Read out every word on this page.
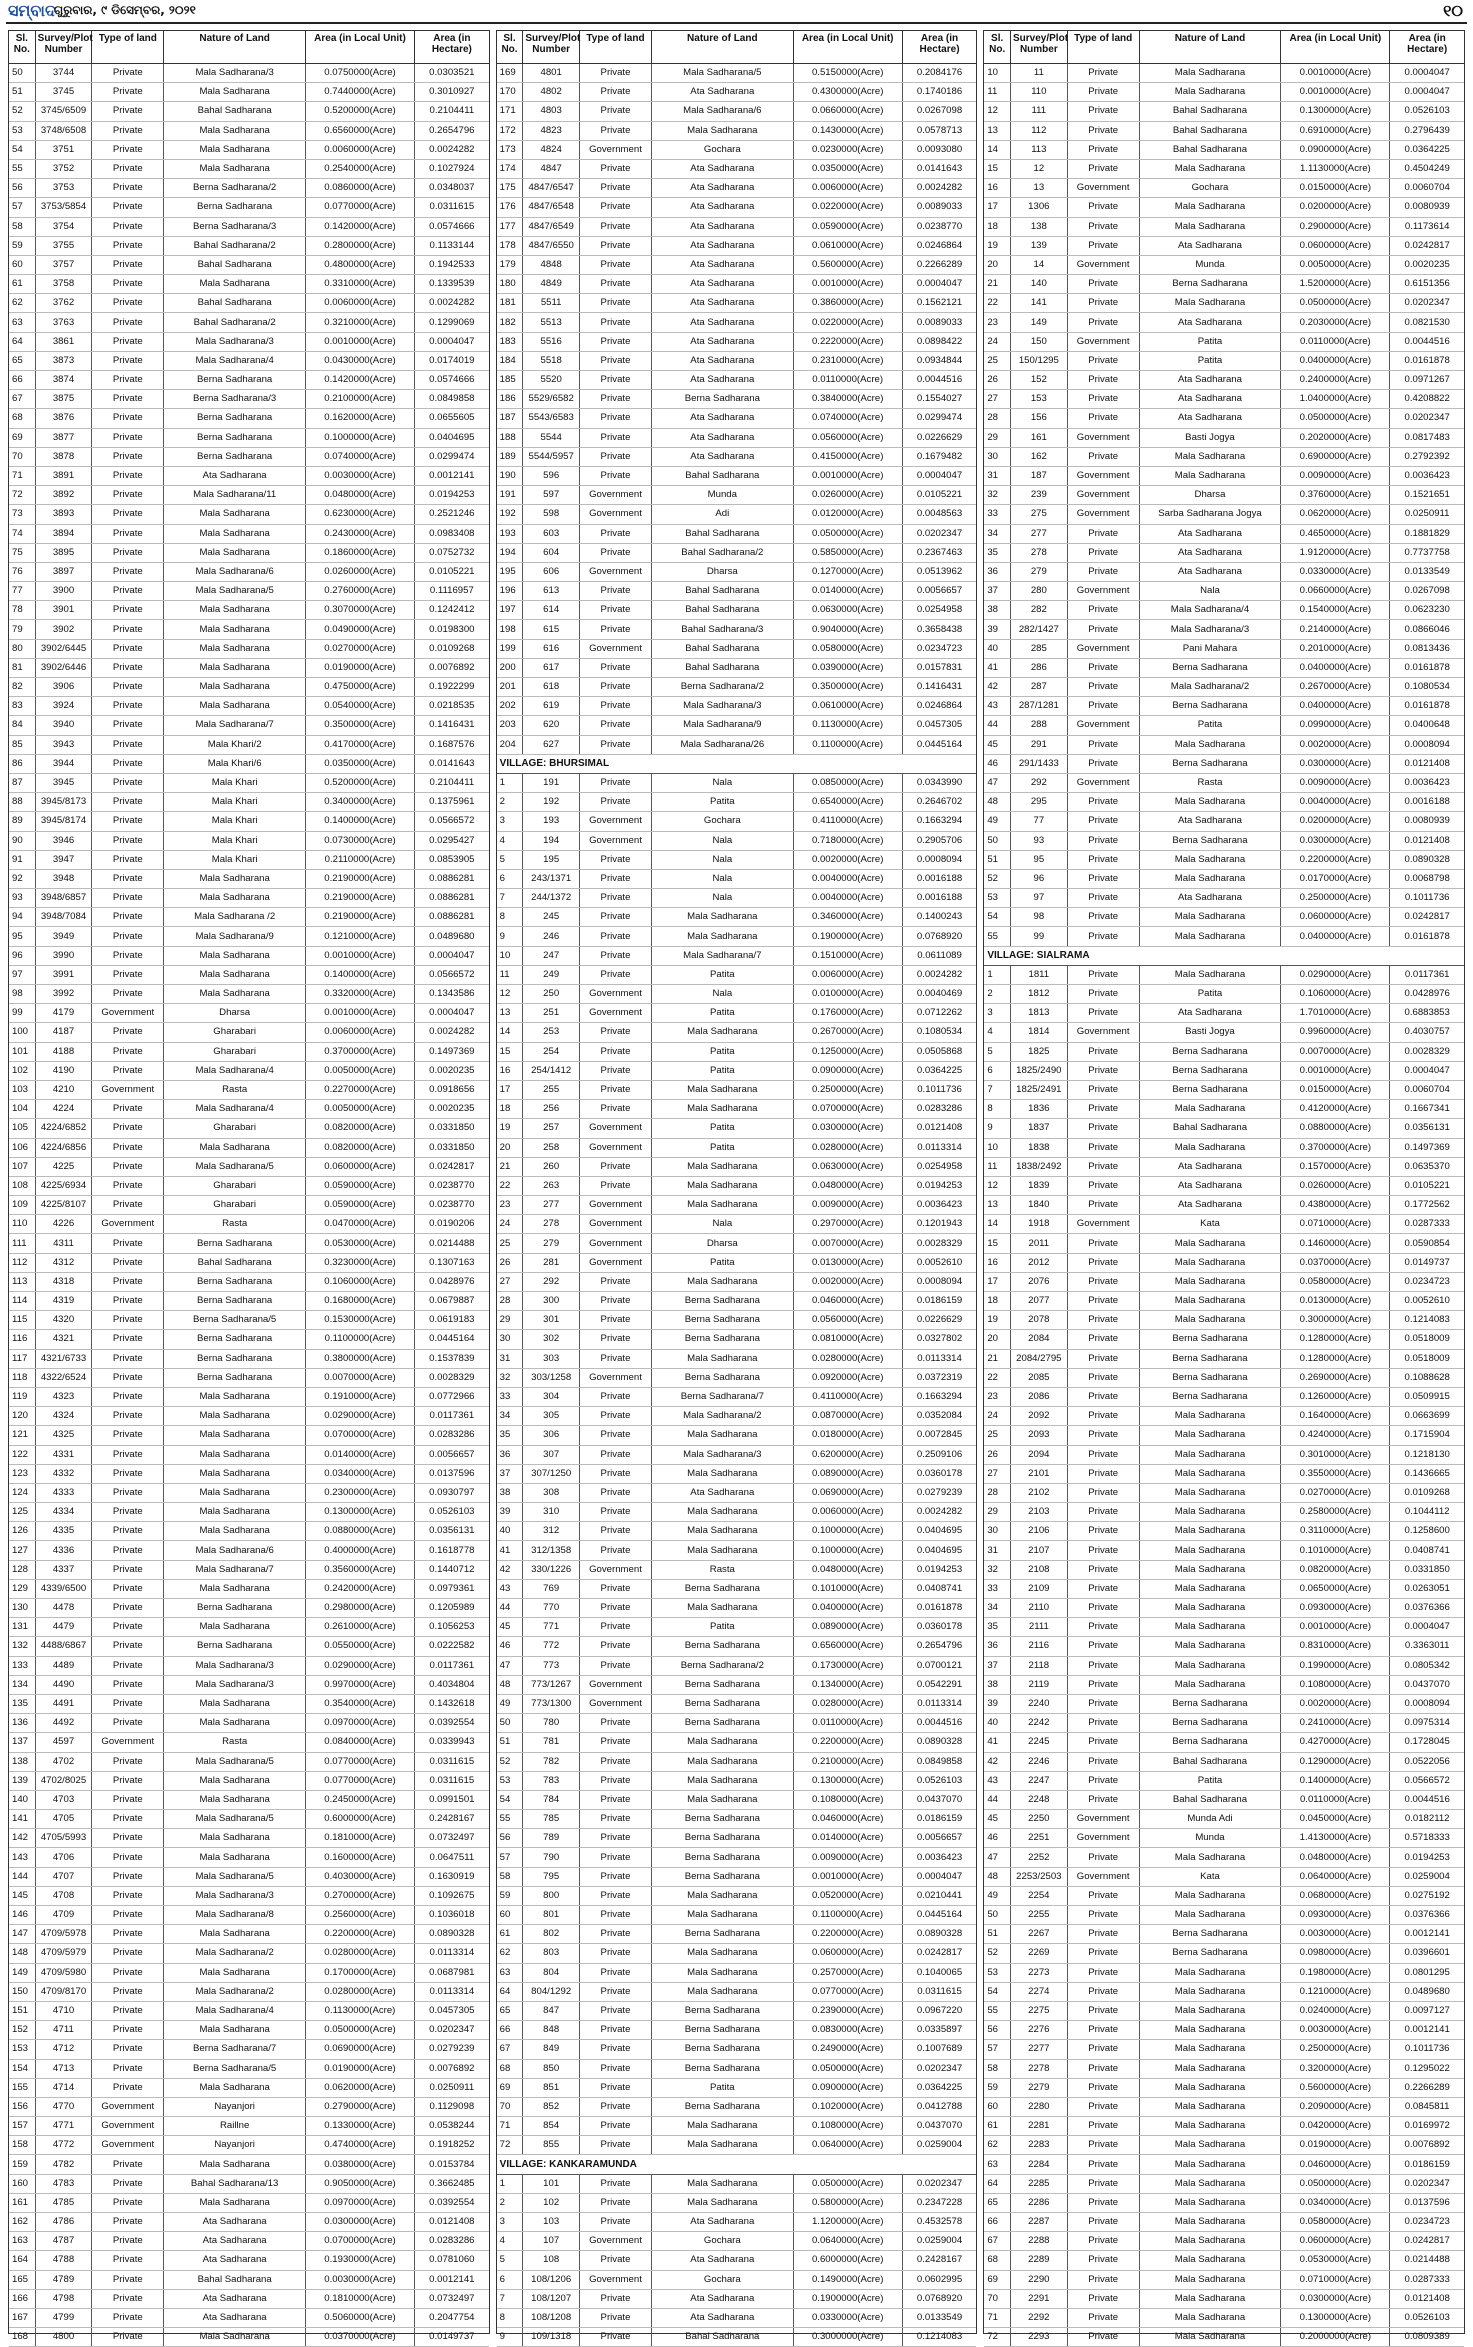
ସମ୍ବାଦ
ଗୁରୁବାର, ୯ ଡିସେମ୍ବର, ୨୦୨୧	୧୦
Sl. No.	Survey/Plot Number	Type of land	Nature of Land	Area (in Local Unit)	Area (in Hectare)
50	3744	Private	Mala Sadharana/3	0.0750000(Acre)	0.0303521
51	3745	Private	Mala Sadharana	0.7440000(Acre)	0.3010927
52	3745/6509	Private	Bahal Sadharana	0.5200000(Acre)	0.2104411
53	3748/6508	Private	Mala Sadharana	0.6560000(Acre)	0.2654796
54	3751	Private	Mala Sadharana	0.0060000(Acre)	0.0024282
55	3752	Private	Mala Sadharana	0.2540000(Acre)	0.1027924
56	3753	Private	Berna Sadharana/2	0.0860000(Acre)	0.0348037
57	3753/5854	Private	Berna Sadharana	0.0770000(Acre)	0.0311615
58	3754	Private	Berna Sadharana/3	0.1420000(Acre)	0.0574666
59	3755	Private	Bahal Sadharana/2	0.2800000(Acre)	0.1133144
60	3757	Private	Bahal Sadharana	0.4800000(Acre)	0.1942533
61	3758	Private	Mala Sadharana	0.3310000(Acre)	0.1339539
62	3762	Private	Bahal Sadharana	0.0060000(Acre)	0.0024282
63	3763	Private	Bahal Sadharana/2	0.3210000(Acre)	0.1299069
64	3861	Private	Mala Sadharana/3	0.0010000(Acre)	0.0004047
65	3873	Private	Mala Sadharana/4	0.0430000(Acre)	0.0174019
66	3874	Private	Berna Sadharana	0.1420000(Acre)	0.0574666
67	3875	Private	Berna Sadharana/3	0.2100000(Acre)	0.0849858
68	3876	Private	Berna Sadharana	0.1620000(Acre)	0.0655605
69	3877	Private	Berna Sadharana	0.1000000(Acre)	0.0404695
70	3878	Private	Berna Sadharana	0.0740000(Acre)	0.0299474
71	3891	Private	Ata Sadharana	0.0030000(Acre)	0.0012141
72	3892	Private	Mala Sadharana/11	0.0480000(Acre)	0.0194253
73	3893	Private	Mala Sadharana	0.6230000(Acre)	0.2521246
74	3894	Private	Mala Sadharana	0.2430000(Acre)	0.0983408
75	3895	Private	Mala Sadharana	0.1860000(Acre)	0.0752732
76	3897	Private	Mala Sadharana/6	0.0260000(Acre)	0.0105221
77	3900	Private	Mala Sadharana/5	0.2760000(Acre)	0.1116957
78	3901	Private	Mala Sadharana	0.3070000(Acre)	0.1242412
79	3902	Private	Mala Sadharana	0.0490000(Acre)	0.0198300
80	3902/6445	Private	Mala Sadharana	0.0270000(Acre)	0.0109268
81	3902/6446	Private	Mala Sadharana	0.0190000(Acre)	0.0076892
82	3906	Private	Mala Sadharana	0.4750000(Acre)	0.1922299
83	3924	Private	Mala Sadharana	0.0540000(Acre)	0.0218535
84	3940	Private	Mala Sadharana/7	0.3500000(Acre)	0.1416431
85	3943	Private	Mala Khari/2	0.4170000(Acre)	0.1687576
86	3944	Private	Mala Khari/6	0.0350000(Acre)	0.0141643
87	3945	Private	Mala Khari	0.5200000(Acre)	0.2104411
88	3945/8173	Private	Mala Khari	0.3400000(Acre)	0.1375961
89	3945/8174	Private	Mala Khari	0.1400000(Acre)	0.0566572
90	3946	Private	Mala Khari	0.0730000(Acre)	0.0295427
91	3947	Private	Mala Khari	0.2110000(Acre)	0.0853905
92	3948	Private	Mala Sadharana	0.2190000(Acre)	0.0886281
93	3948/6857	Private	Mala Sadharana	0.2190000(Acre)	0.0886281
94	3948/7084	Private	Mala Sadharana /2	0.2190000(Acre)	0.0886281
95	3949	Private	Mala Sadharana/9	0.1210000(Acre)	0.0489680
96	3990	Private	Mala Sadharana	0.0010000(Acre)	0.0004047
97	3991	Private	Mala Sadharana	0.1400000(Acre)	0.0566572
98	3992	Private	Mala Sadharana	0.3320000(Acre)	0.1343586
99	4179	Government	Dharsa	0.0010000(Acre)	0.0004047
100	4187	Private	Gharabari	0.0060000(Acre)	0.0024282
101	4188	Private	Gharabari	0.3700000(Acre)	0.1497369
102	4190	Private	Mala Sadharana/4	0.0050000(Acre)	0.0020235
103	4210	Government	Rasta	0.2270000(Acre)	0.0918656
104	4224	Private	Mala Sadharana/4	0.0050000(Acre)	0.0020235
105	4224/6852	Private	Gharabari	0.0820000(Acre)	0.0331850
106	4224/6856	Private	Mala Sadharana	0.0820000(Acre)	0.0331850
107	4225	Private	Mala Sadharana/5	0.0600000(Acre)	0.0242817
108	4225/6934	Private	Gharabari	0.0590000(Acre)	0.0238770
109	4225/8107	Private	Gharabari	0.0590000(Acre)	0.0238770
110	4226	Government	Rasta	0.0470000(Acre)	0.0190206
111	4311	Private	Berna Sadharana	0.0530000(Acre)	0.0214488
112	4312	Private	Bahal Sadharana	0.3230000(Acre)	0.1307163
113	4318	Private	Berna Sadharana	0.1060000(Acre)	0.0428976
114	4319	Private	Berna Sadharana	0.1680000(Acre)	0.0679887
115	4320	Private	Berna Sadharana/5	0.1530000(Acre)	0.0619183
116	4321	Private	Berna Sadharana	0.1100000(Acre)	0.0445164
117	4321/6733	Private	Berna Sadharana	0.3800000(Acre)	0.1537839
118	4322/6524	Private	Berna Sadharana	0.0070000(Acre)	0.0028329
119	4323	Private	Mala Sadharana	0.1910000(Acre)	0.0772966
120	4324	Private	Mala Sadharana	0.0290000(Acre)	0.0117361
121	4325	Private	Mala Sadharana	0.0700000(Acre)	0.0283286
122	4331	Private	Mala Sadharana	0.0140000(Acre)	0.0056657
123	4332	Private	Mala Sadharana	0.0340000(Acre)	0.0137596
124	4333	Private	Mala Sadharana	0.2300000(Acre)	0.0930797
125	4334	Private	Mala Sadharana	0.1300000(Acre)	0.0526103
126	4335	Private	Mala Sadharana	0.0880000(Acre)	0.0356131
127	4336	Private	Mala Sadharana/6	0.4000000(Acre)	0.1618778
128	4337	Private	Mala Sadharana/7	0.3560000(Acre)	0.1440712
129	4339/6500	Private	Mala Sadharana	0.2420000(Acre)	0.0979361
130	4478	Private	Berna Sadharana	0.2980000(Acre)	0.1205989
131	4479	Private	Mala Sadharana	0.2610000(Acre)	0.1056253
132	4488/6867	Private	Berna Sadharana	0.0550000(Acre)	0.0222582
133	4489	Private	Mala Sadharana/3	0.0290000(Acre)	0.0117361
134	4490	Private	Mala Sadharana/3	0.9970000(Acre)	0.4034804
135	4491	Private	Mala Sadharana	0.3540000(Acre)	0.1432618
136	4492	Private	Mala Sadharana	0.0970000(Acre)	0.0392554
137	4597	Government	Rasta	0.0840000(Acre)	0.0339943
138	4702	Private	Mala Sadharana/5	0.0770000(Acre)	0.0311615
139	4702/8025	Private	Mala Sadharana	0.0770000(Acre)	0.0311615
140	4703	Private	Mala Sadharana	0.2450000(Acre)	0.0991501
141	4705	Private	Mala Sadharana/5	0.6000000(Acre)	0.2428167
142	4705/5993	Private	Mala Sadharana	0.1810000(Acre)	0.0732497
143	4706	Private	Mala Sadharana	0.1600000(Acre)	0.0647511
144	4707	Private	Mala Sadharana/5	0.4030000(Acre)	0.1630919
145	4708	Private	Mala Sadharana/3	0.2700000(Acre)	0.1092675
146	4709	Private	Mala Sadharana/8	0.2560000(Acre)	0.1036018
147	4709/5978	Private	Mala Sadharana	0.2200000(Acre)	0.0890328
148	4709/5979	Private	Mala Sadharana/2	0.0280000(Acre)	0.0113314
149	4709/5980	Private	Mala Sadharana	0.1700000(Acre)	0.0687981
150	4709/8170	Private	Mala Sadharana/2	0.0280000(Acre)	0.0113314
151	4710	Private	Mala Sadharana/4	0.1130000(Acre)	0.0457305
152	4711	Private	Mala Sadharana	0.0500000(Acre)	0.0202347
153	4712	Private	Berna Sadharana/7	0.0690000(Acre)	0.0279239
154	4713	Private	Berna Sadharana/5	0.0190000(Acre)	0.0076892
155	4714	Private	Mala Sadharana	0.0620000(Acre)	0.0250911
156	4770	Government	Nayanjori	0.2790000(Acre)	0.1129098
157	4771	Government	Raillne	0.1330000(Acre)	0.0538244
158	4772	Government	Nayanjori	0.4740000(Acre)	0.1918252
159	4782	Private	Mala Sadharana	0.0380000(Acre)	0.0153784
160	4783	Private	Bahal Sadharana/13	0.9050000(Acre)	0.3662485
161	4785	Private	Mala Sadharana	0.0970000(Acre)	0.0392554
162	4786	Private	Ata Sadharana	0.0300000(Acre)	0.0121408
163	4787	Private	Ata Sadharana	0.0700000(Acre)	0.0283286
164	4788	Private	Ata Sadharana	0.1930000(Acre)	0.0781060
165	4789	Private	Bahal Sadharana	0.0030000(Acre)	0.0012141
166	4798	Private	Ata Sadharana	0.1810000(Acre)	0.0732497
167	4799	Private	Ata Sadharana	0.5060000(Acre)	0.2047754
168	4800	Private	Mala Sadharana	0.0370000(Acre)	0.0149737
Sl. No.	Survey/Plot Number	Type of land	Nature of Land	Area (in Local Unit)	Area (in Hectare)
169	4801	Private	Mala Sadharana/5	0.5150000(Acre)	0.2084176
170	4802	Private	Ata Sadharana	0.4300000(Acre)	0.1740186
171	4803	Private	Mala Sadharana/6	0.0660000(Acre)	0.0267098
172	4823	Private	Mala Sadharana	0.1430000(Acre)	0.0578713
173	4824	Government	Gochara	0.0230000(Acre)	0.0093080
174	4847	Private	Ata Sadharana	0.0350000(Acre)	0.0141643
175	4847/6547	Private	Ata Sadharana	0.0060000(Acre)	0.0024282
176	4847/6548	Private	Ata Sadharana	0.0220000(Acre)	0.0089033
177	4847/6549	Private	Ata Sadharana	0.0590000(Acre)	0.0238770
178	4847/6550	Private	Ata Sadharana	0.0610000(Acre)	0.0246864
179	4848	Private	Ata Sadharana	0.5600000(Acre)	0.2266289
180	4849	Private	Ata Sadharana	0.0010000(Acre)	0.0004047
181	5511	Private	Ata Sadharana	0.3860000(Acre)	0.1562121
182	5513	Private	Ata Sadharana	0.0220000(Acre)	0.0089033
183	5516	Private	Ata Sadharana	0.2220000(Acre)	0.0898422
184	5518	Private	Ata Sadharana	0.2310000(Acre)	0.0934844
185	5520	Private	Ata Sadharana	0.0110000(Acre)	0.0044516
186	5529/6582	Private	Berna Sadharana	0.3840000(Acre)	0.1554027
187	5543/6583	Private	Ata Sadharana	0.0740000(Acre)	0.0299474
188	5544	Private	Ata Sadharana	0.0560000(Acre)	0.0226629
189	5544/5957	Private	Ata Sadharana	0.4150000(Acre)	0.1679482
190	596	Private	Bahal Sadharana	0.0010000(Acre)	0.0004047
191	597	Government	Munda	0.0260000(Acre)	0.0105221
192	598	Government	Adi	0.0120000(Acre)	0.0048563
193	603	Private	Bahal Sadharana	0.0500000(Acre)	0.0202347
194	604	Private	Bahal Sadharana/2	0.5850000(Acre)	0.2367463
195	606	Government	Dharsa	0.1270000(Acre)	0.0513962
196	613	Private	Bahal Sadharana	0.0140000(Acre)	0.0056657
197	614	Private	Bahal Sadharana	0.0630000(Acre)	0.0254958
198	615	Private	Bahal Sadharana/3	0.9040000(Acre)	0.3658438
199	616	Government	Bahal Sadharana	0.0580000(Acre)	0.0234723
200	617	Private	Bahal Sadharana	0.0390000(Acre)	0.0157831
201	618	Private	Berna Sadharana/2	0.3500000(Acre)	0.1416431
202	619	Private	Mala Sadharana/3	0.0610000(Acre)	0.0246864
203	620	Private	Mala Sadharana/9	0.1130000(Acre)	0.0457305
204	627	Private	Mala Sadharana/26	0.1100000(Acre)	0.0445164
VILLAGE: BHURSIMAL					
1	191	Private	Nala	0.0850000(Acre)	0.0343990
2	192	Private	Patita	0.6540000(Acre)	0.2646702
3	193	Government	Gochara	0.4110000(Acre)	0.1663294
4	194	Government	Nala	0.7180000(Acre)	0.2905706
5	195	Private	Nala	0.0020000(Acre)	0.0008094
6	243/1371	Private	Nala	0.0040000(Acre)	0.0016188
7	244/1372	Private	Nala	0.0040000(Acre)	0.0016188
8	245	Private	Mala Sadharana	0.3460000(Acre)	0.1400243
9	246	Private	Mala Sadharana	0.1900000(Acre)	0.0768920
10	247	Private	Mala Sadharana/7	0.1510000(Acre)	0.0611089
11	249	Private	Patita	0.0060000(Acre)	0.0024282
12	250	Government	Nala	0.0100000(Acre)	0.0040469
13	251	Government	Patita	0.1760000(Acre)	0.0712262
14	253	Private	Mala Sadharana	0.2670000(Acre)	0.1080534
15	254	Private	Patita	0.1250000(Acre)	0.0505868
16	254/1412	Private	Patita	0.0900000(Acre)	0.0364225
17	255	Private	Mala Sadharana	0.2500000(Acre)	0.1011736
18	256	Private	Mala Sadharana	0.0700000(Acre)	0.0283286
19	257	Government	Patita	0.0300000(Acre)	0.0121408
20	258	Government	Patita	0.0280000(Acre)	0.0113314
21	260	Private	Mala Sadharana	0.0630000(Acre)	0.0254958
22	263	Private	Mala Sadharana	0.0480000(Acre)	0.0194253
23	277	Government	Mala Sadharana	0.0090000(Acre)	0.0036423
24	278	Government	Nala	0.2970000(Acre)	0.1201943
25	279	Government	Dharsa	0.0070000(Acre)	0.0028329
26	281	Government	Patita	0.0130000(Acre)	0.0052610
27	292	Private	Mala Sadharana	0.0020000(Acre)	0.0008094
28	300	Private	Berna Sadharana	0.0460000(Acre)	0.0186159
29	301	Private	Berna Sadharana	0.0560000(Acre)	0.0226629
30	302	Private	Berna Sadharana	0.0810000(Acre)	0.0327802
31	303	Private	Mala Sadharana	0.0280000(Acre)	0.0113314
32	303/1258	Government	Berna Sadharana	0.0920000(Acre)	0.0372319
33	304	Private	Berna Sadharana/7	0.4110000(Acre)	0.1663294
34	305	Private	Mala Sadharana/2	0.0870000(Acre)	0.0352084
35	306	Private	Mala Sadharana	0.0180000(Acre)	0.0072845
36	307	Private	Mala Sadharana/3	0.6200000(Acre)	0.2509106
37	307/1250	Private	Mala Sadharana	0.0890000(Acre)	0.0360178
38	308	Private	Ata Sadharana	0.0690000(Acre)	0.0279239
39	310	Private	Mala Sadharana	0.0060000(Acre)	0.0024282
40	312	Private	Mala Sadharana	0.1000000(Acre)	0.0404695
41	312/1358	Private	Mala Sadharana	0.1000000(Acre)	0.0404695
42	330/1226	Government	Rasta	0.0480000(Acre)	0.0194253
43	769	Private	Berna Sadharana	0.1010000(Acre)	0.0408741
44	770	Private	Mala Sadharana	0.0400000(Acre)	0.0161878
45	771	Private	Patita	0.0890000(Acre)	0.0360178
46	772	Private	Berna Sadharana	0.6560000(Acre)	0.2654796
47	773	Private	Berna Sadharana/2	0.1730000(Acre)	0.0700121
48	773/1267	Government	Berna Sadharana	0.1340000(Acre)	0.0542291
49	773/1300	Government	Berna Sadharana	0.0280000(Acre)	0.0113314
50	780	Private	Berna Sadharana	0.0110000(Acre)	0.0044516
51	781	Private	Mala Sadharana	0.2200000(Acre)	0.0890328
52	782	Private	Mala Sadharana	0.2100000(Acre)	0.0849858
53	783	Private	Mala Sadharana	0.1300000(Acre)	0.0526103
54	784	Private	Mala Sadharana	0.1080000(Acre)	0.0437070
55	785	Private	Berna Sadharana	0.0460000(Acre)	0.0186159
56	789	Private	Berna Sadharana	0.0140000(Acre)	0.0056657
57	790	Private	Berna Sadharana	0.0090000(Acre)	0.0036423
58	795	Private	Berna Sadharana	0.0010000(Acre)	0.0004047
59	800	Private	Mala Sadharana	0.0520000(Acre)	0.0210441
60	801	Private	Mala Sadharana	0.1100000(Acre)	0.0445164
61	802	Private	Berna Sadharana	0.2200000(Acre)	0.0890328
62	803	Private	Mala Sadharana	0.0600000(Acre)	0.0242817
63	804	Private	Mala Sadharana	0.2570000(Acre)	0.1040065
64	804/1292	Private	Mala Sadharana	0.0770000(Acre)	0.0311615
65	847	Private	Berna Sadharana	0.2390000(Acre)	0.0967220
66	848	Private	Berna Sadharana	0.0830000(Acre)	0.0335897
67	849	Private	Berna Sadharana	0.2490000(Acre)	0.1007689
68	850	Private	Berna Sadharana	0.0500000(Acre)	0.0202347
69	851	Private	Patita	0.0900000(Acre)	0.0364225
70	852	Private	Berna Sadharana	0.1020000(Acre)	0.0412788
71	854	Private	Mala Sadharana	0.1080000(Acre)	0.0437070
72	855	Private	Mala Sadharana	0.0640000(Acre)	0.0259004
VILLAGE: KANKARAMUNDA					
1	101	Private	Mala Sadharana	0.0500000(Acre)	0.0202347
2	102	Private	Mala Sadharana	0.5800000(Acre)	0.2347228
3	103	Private	Ata Sadharana	1.1200000(Acre)	0.4532578
4	107	Government	Gochara	0.0640000(Acre)	0.0259004
5	108	Private	Ata Sadharana	0.6000000(Acre)	0.2428167
6	108/1206	Government	Gochara	0.1490000(Acre)	0.0602995
7	108/1207	Private	Ata Sadharana	0.1900000(Acre)	0.0768920
8	108/1208	Private	Ata Sadharana	0.0330000(Acre)	0.0133549
9	109/1318	Private	Bahal Sadharana	0.3000000(Acre)	0.1214083
Sl. No.	Survey/Plot Number	Type of land	Nature of Land	Area (in Local Unit)	Area (in Hectare)
10	11	Private	Mala Sadharana	0.0010000(Acre)	0.0004047
11	110	Private	Mala Sadharana	0.0010000(Acre)	0.0004047
12	111	Private	Bahal Sadharana	0.1300000(Acre)	0.0526103
13	112	Private	Bahal Sadharana	0.6910000(Acre)	0.2796439
14	113	Private	Bahal Sadharana	0.0900000(Acre)	0.0364225
15	12	Private	Mala Sadharana	1.1130000(Acre)	0.4504249
16	13	Government	Gochara	0.0150000(Acre)	0.0060704
17	1306	Private	Mala Sadharana	0.0200000(Acre)	0.0080939
18	138	Private	Mala Sadharana	0.2900000(Acre)	0.1173614
19	139	Private	Ata Sadharana	0.0600000(Acre)	0.0242817
20	14	Government	Munda	0.0050000(Acre)	0.0020235
21	140	Private	Berna Sadharana	1.5200000(Acre)	0.6151356
22	141	Private	Mala Sadharana	0.0500000(Acre)	0.0202347
23	149	Private	Ata Sadharana	0.2030000(Acre)	0.0821530
24	150	Government	Patita	0.0110000(Acre)	0.0044516
25	150/1295	Private	Patita	0.0400000(Acre)	0.0161878
26	152	Private	Ata Sadharana	0.2400000(Acre)	0.0971267
27	153	Private	Ata Sadharana	1.0400000(Acre)	0.4208822
28	156	Private	Ata Sadharana	0.0500000(Acre)	0.0202347
29	161	Government	Basti Jogya	0.2020000(Acre)	0.0817483
30	162	Private	Mala Sadharana	0.6900000(Acre)	0.2792392
31	187	Government	Mala Sadharana	0.0090000(Acre)	0.0036423
32	239	Government	Dharsa	0.3760000(Acre)	0.1521651
33	275	Government	Sarba Sadharana Jogya	0.0620000(Acre)	0.0250911
34	277	Private	Ata Sadharana	0.4650000(Acre)	0.1881829
35	278	Private	Ata Sadharana	1.9120000(Acre)	0.7737758
36	279	Private	Ata Sadharana	0.0330000(Acre)	0.0133549
37	280	Government	Nala	0.0660000(Acre)	0.0267098
38	282	Private	Mala Sadharana/4	0.1540000(Acre)	0.0623230
39	282/1427	Private	Mala Sadharana/3	0.2140000(Acre)	0.0866046
40	285	Government	Pani Mahara	0.2010000(Acre)	0.0813436
41	286	Private	Berna Sadharana	0.0400000(Acre)	0.0161878
42	287	Private	Mala Sadharana/2	0.2670000(Acre)	0.1080534
43	287/1281	Private	Berna Sadharana	0.0400000(Acre)	0.0161878
44	288	Government	Patita	0.0990000(Acre)	0.0400648
45	291	Private	Mala Sadharana	0.0020000(Acre)	0.0008094
46	291/1433	Private	Berna Sadharana	0.0300000(Acre)	0.0121408
47	292	Government	Rasta	0.0090000(Acre)	0.0036423
48	295	Private	Mala Sadharana	0.0040000(Acre)	0.0016188
49	77	Private	Ata Sadharana	0.0200000(Acre)	0.0080939
50	93	Private	Berna Sadharana	0.0300000(Acre)	0.0121408
51	95	Private	Mala Sadharana	0.2200000(Acre)	0.0890328
52	96	Private	Mala Sadharana	0.0170000(Acre)	0.0068798
53	97	Private	Ata Sadharana	0.2500000(Acre)	0.1011736
54	98	Private	Mala Sadharana	0.0600000(Acre)	0.0242817
55	99	Private	Mala Sadharana	0.0400000(Acre)	0.0161878
VILLAGE: SIALRAMA					
1	1811	Private	Mala Sadharana	0.0290000(Acre)	0.0117361
2	1812	Private	Patita	0.1060000(Acre)	0.0428976
3	1813	Private	Ata Sadharana	1.7010000(Acre)	0.6883853
4	1814	Government	Basti Jogya	0.9960000(Acre)	0.4030757
5	1825	Private	Berna Sadharana	0.0070000(Acre)	0.0028329
6	1825/2490	Private	Berna Sadharana	0.0010000(Acre)	0.0004047
7	1825/2491	Private	Berna Sadharana	0.0150000(Acre)	0.0060704
8	1836	Private	Mala Sadharana	0.4120000(Acre)	0.1667341
9	1837	Private	Bahal Sadharana	0.0880000(Acre)	0.0356131
10	1838	Private	Mala Sadharana	0.3700000(Acre)	0.1497369
11	1838/2492	Private	Ata Sadharana	0.1570000(Acre)	0.0635370
12	1839	Private	Ata Sadharana	0.0260000(Acre)	0.0105221
13	1840	Private	Ata Sadharana	0.4380000(Acre)	0.1772562
14	1918	Government	Kata	0.0710000(Acre)	0.0287333
15	2011	Private	Mala Sadharana	0.1460000(Acre)	0.0590854
16	2012	Private	Mala Sadharana	0.0370000(Acre)	0.0149737
17	2076	Private	Mala Sadharana	0.0580000(Acre)	0.0234723
18	2077	Private	Mala Sadharana	0.0130000(Acre)	0.0052610
19	2078	Private	Mala Sadharana	0.3000000(Acre)	0.1214083
20	2084	Private	Berna Sadharana	0.1280000(Acre)	0.0518009
21	2084/2795	Private	Berna Sadharana	0.1280000(Acre)	0.0518009
22	2085	Private	Berna Sadharana	0.2690000(Acre)	0.1088628
23	2086	Private	Berna Sadharana	0.1260000(Acre)	0.0509915
24	2092	Private	Mala Sadharana	0.1640000(Acre)	0.0663699
25	2093	Private	Mala Sadharana	0.4240000(Acre)	0.1715904
26	2094	Private	Mala Sadharana	0.3010000(Acre)	0.1218130
27	2101	Private	Mala Sadharana	0.3550000(Acre)	0.1436665
28	2102	Private	Mala Sadharana	0.0270000(Acre)	0.0109268
29	2103	Private	Mala Sadharana	0.2580000(Acre)	0.1044112
30	2106	Private	Mala Sadharana	0.3110000(Acre)	0.1258600
31	2107	Private	Mala Sadharana	0.1010000(Acre)	0.0408741
32	2108	Private	Mala Sadharana	0.0820000(Acre)	0.0331850
33	2109	Private	Mala Sadharana	0.0650000(Acre)	0.0263051
34	2110	Private	Mala Sadharana	0.0930000(Acre)	0.0376366
35	2111	Private	Mala Sadharana	0.0010000(Acre)	0.0004047
36	2116	Private	Mala Sadharana	0.8310000(Acre)	0.3363011
37	2118	Private	Mala Sadharana	0.1990000(Acre)	0.0805342
38	2119	Private	Mala Sadharana	0.1080000(Acre)	0.0437070
39	2240	Private	Berna Sadharana	0.0020000(Acre)	0.0008094
40	2242	Private	Berna Sadharana	0.2410000(Acre)	0.0975314
41	2245	Private	Berna Sadharana	0.4270000(Acre)	0.1728045
42	2246	Private	Bahal Sadharana	0.1290000(Acre)	0.0522056
43	2247	Private	Patita	0.1400000(Acre)	0.0566572
44	2248	Private	Bahal Sadharana	0.0110000(Acre)	0.0044516
45	2250	Government	Munda Adi	0.0450000(Acre)	0.0182112
46	2251	Government	Munda	1.4130000(Acre)	0.5718333
47	2252	Private	Mala Sadharana	0.0480000(Acre)	0.0194253
48	2253/2503	Government	Kata	0.0640000(Acre)	0.0259004
49	2254	Private	Mala Sadharana	0.0680000(Acre)	0.0275192
50	2255	Private	Mala Sadharana	0.0930000(Acre)	0.0376366
51	2267	Private	Berna Sadharana	0.0030000(Acre)	0.0012141
52	2269	Private	Berna Sadharana	0.0980000(Acre)	0.0396601
53	2273	Private	Mala Sadharana	0.1980000(Acre)	0.0801295
54	2274	Private	Mala Sadharana	0.1210000(Acre)	0.0489680
55	2275	Private	Mala Sadharana	0.0240000(Acre)	0.0097127
56	2276	Private	Mala Sadharana	0.0030000(Acre)	0.0012141
57	2277	Private	Mala Sadharana	0.2500000(Acre)	0.1011736
58	2278	Private	Mala Sadharana	0.3200000(Acre)	0.1295022
59	2279	Private	Mala Sadharana	0.5600000(Acre)	0.2266289
60	2280	Private	Mala Sadharana	0.2090000(Acre)	0.0845811
61	2281	Private	Mala Sadharana	0.0420000(Acre)	0.0169972
62	2283	Private	Mala Sadharana	0.0190000(Acre)	0.0076892
63	2284	Private	Mala Sadharana	0.0460000(Acre)	0.0186159
64	2285	Private	Mala Sadharana	0.0500000(Acre)	0.0202347
65	2286	Private	Mala Sadharana	0.0340000(Acre)	0.0137596
66	2287	Private	Mala Sadharana	0.0580000(Acre)	0.0234723
67	2288	Private	Mala Sadharana	0.0600000(Acre)	0.0242817
68	2289	Private	Mala Sadharana	0.0530000(Acre)	0.0214488
69	2290	Private	Mala Sadharana	0.0710000(Acre)	0.0287333
70	2291	Private	Mala Sadharana	0.0300000(Acre)	0.0121408
71	2292	Private	Mala Sadharana	0.1300000(Acre)	0.0526103
72	2293	Private	Mala Sadharana	0.2000000(Acre)	0.0809389
